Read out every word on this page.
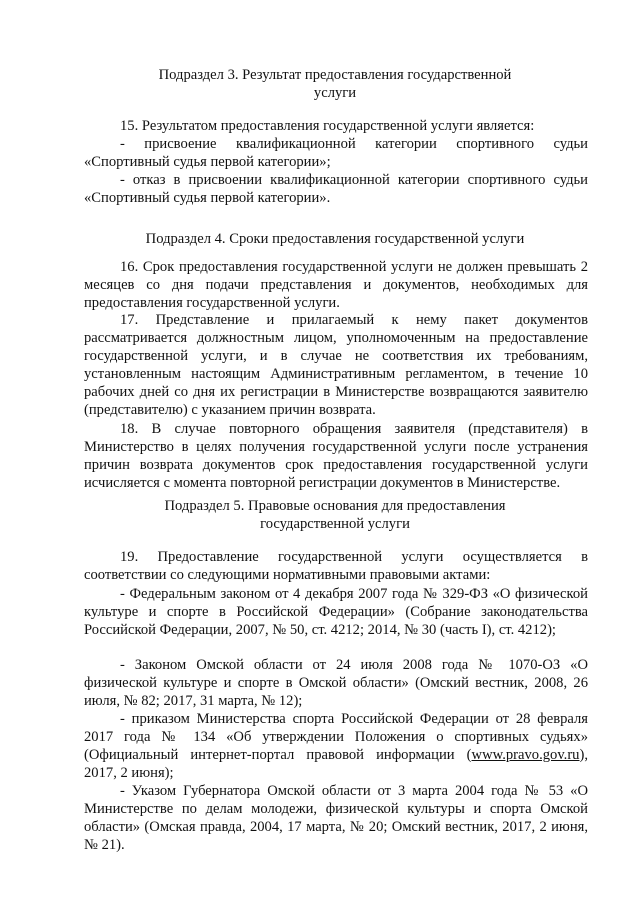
Подраздел 3. Результат предоставления государственной
услуги

15. Результатом предоставления государственной услуги является:

- присвоение квалификационной категории спортивного судьи «Спортивный судья первой категории»;

- отказ в присвоении квалификационной категории спортивного судьи «Спортивный судья первой категории».

Подраздел 4. Сроки предоставления государственной услуги

16. Срок предоставления государственной услуги не должен превышать 2 месяцев со дня подачи представления и документов, необходимых для предоставления государственной услуги.

17. Представление и прилагаемый к нему пакет документов рассматривается должностным лицом, уполномоченным на предоставление государственной услуги, и в случае не соответствия их требованиям, установленным настоящим Административным регламентом, в течение 10 рабочих дней со дня их регистрации в Министерстве возвращаются заявителю (представителю) с указанием причин возврата.

18. В случае повторного обращения заявителя (представителя) в Министерство в целях получения государственной услуги после устранения причин возврата документов срок предоставления государственной услуги исчисляется с момента повторной регистрации документов в Министерстве.

Подраздел 5. Правовые основания для предоставления
государственной услуги

19. Предоставление государственной услуги осуществляется в соответствии со следующими нормативными правовыми актами:

- Федеральным законом от 4 декабря 2007 года № 329-ФЗ «О физической культуре и спорте в Российской Федерации» (Собрание законодательства Российской Федерации, 2007, № 50, ст. 4212; 2014, № 30 (часть I), ст. 4212);

- Законом Омской области от 24 июля 2008 года № 1070-ОЗ «О физической культуре и спорте в Омской области» (Омский вестник, 2008, 26 июля, № 82; 2017, 31 марта, № 12);

- приказом Министерства спорта Российской Федерации от 28 февраля 2017 года № 134 «Об утверждении Положения о спортивных судьях» (Официальный интернет-портал правовой информации (www.pravo.gov.ru), 2017, 2 июня);

- Указом Губернатора Омской области от 3 марта 2004 года № 53 «О Министерстве по делам молодежи, физической культуры и спорта Омской области» (Омская правда, 2004, 17 марта, № 20; Омский вестник, 2017, 2 июня, № 21).
